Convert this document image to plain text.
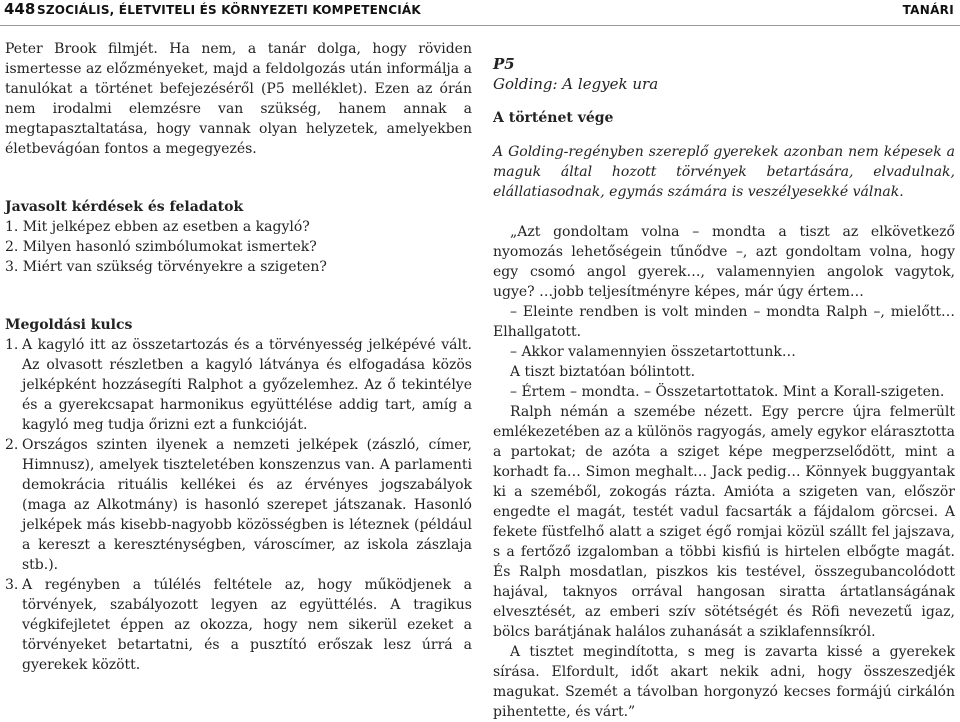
448 SZOCIÁLIS, ÉLETVITELI ÉS KÖRNYEZETI KOMPETENCIÁK	TANÁRI

Peter Brook filmjét. Ha nem, a tanár dolga, hogy röviden ismertesse az előzményeket, majd a feldolgozás után informálja a tanulókat a történet befejezéséről (P5 melléklet). Ezen az órán nem irodalmi elemzésre van szükség, hanem annak a megtapasztaltatása, hogy vannak olyan helyzetek, amelyekben életbevágóan fontos a megegyezés.

Javasolt kérdések és feladatok

1. Mit jelképez ebben az esetben a kagyló?

2. Milyen hasonló szimbólumokat ismertek?

3. Miért van szükség törvényekre a szigeten?

Megoldási kulcs

1. A kagyló itt az összetartozás és a törvényesség jelképévé vált. Az olvasott részletben a kagyló látványa és elfogadása közös jelképként hozzásegíti Ralphot a győzelemhez. Az ő tekintélye és a gyerekcsapat harmonikus együttélése addig tart, amíg a kagyló meg tudja őrizni ezt a funkcióját.

2. Országos szinten ilyenek a nemzeti jelképek (zászló, címer, Himnusz), amelyek tiszteletében konszenzus van. A parlamenti demokrácia rituális kellékei és az érvényes jogszabályok (maga az Alkotmány) is hasonló szerepet játszanak. Hasonló jelképek más kisebb-nagyobb közösségben is léteznek (például a kereszt a kereszténységben, városcímer, az iskola zászlaja stb.).

3. A regényben a túlélés feltétele az, hogy működjenek a törvények, szabályozott legyen az együttélés. A tragikus végkifejletet éppen az okozza, hogy nem sikerül ezeket a törvényeket betartatni, és a pusztító erőszak lesz úrrá a gyerekek között.

P5

Golding: A legyek ura

A történet vége

A Golding-regényben szereplő gyerekek azonban nem képesek a maguk által hozott törvények betartására, elvadulnak, elállatiasodnak, egymás számára is veszélyesekké válnak.

„Azt gondoltam volna – mondta a tiszt az elkövetkező nyomozás lehetőségein tűnődve –, azt gondoltam volna, hogy egy csomó angol gyerek…, valamennyien angolok vagytok, ugye? …jobb teljesítményre képes, már úgy értem…

– Eleinte rendben is volt minden – mondta Ralph –, mielőtt… Elhallgatott.

– Akkor valamennyien összetartottunk…

A tiszt biztatóan bólintott.

– Értem – mondta. – Összetartottatok. Mint a Korall-szigeten.

Ralph némán a szemébe nézett. Egy percre újra felmerült emlékezetében az a különös ragyogás, amely egykor elárasztotta a partokat; de azóta a sziget képe megperzselődött, mint a korhadt fa… Simon meghalt… Jack pedig… Könnyek buggyantak ki a szeméből, zokogás rázta. Amióta a szigeten van, először engedte el magát, testét vadul facsarták a fájdalom görcsei. A fekete füstfelhő alatt a sziget égő romjai közül szállt fel jajszava, s a fertőző izgalomban a többi kisfiú is hirtelen elbőgte magát. És Ralph mosdatlan, piszkos kis testével, összegubancolódott hajával, taknyos orrával hangosan siratta ártatlanságának elvesztését, az emberi szív sötétségét és Röfi nevezetű igaz, bölcs barátjának halálos zuhanását a sziklafennsíkról.

A tisztet megindította, s meg is zavarta kissé a gyerekek sírása. Elfordult, időt akart nekik adni, hogy összeszedjék magukat. Szemét a távolban horgonyzó kecses formájú cirkálón pihentette, és várt.”
